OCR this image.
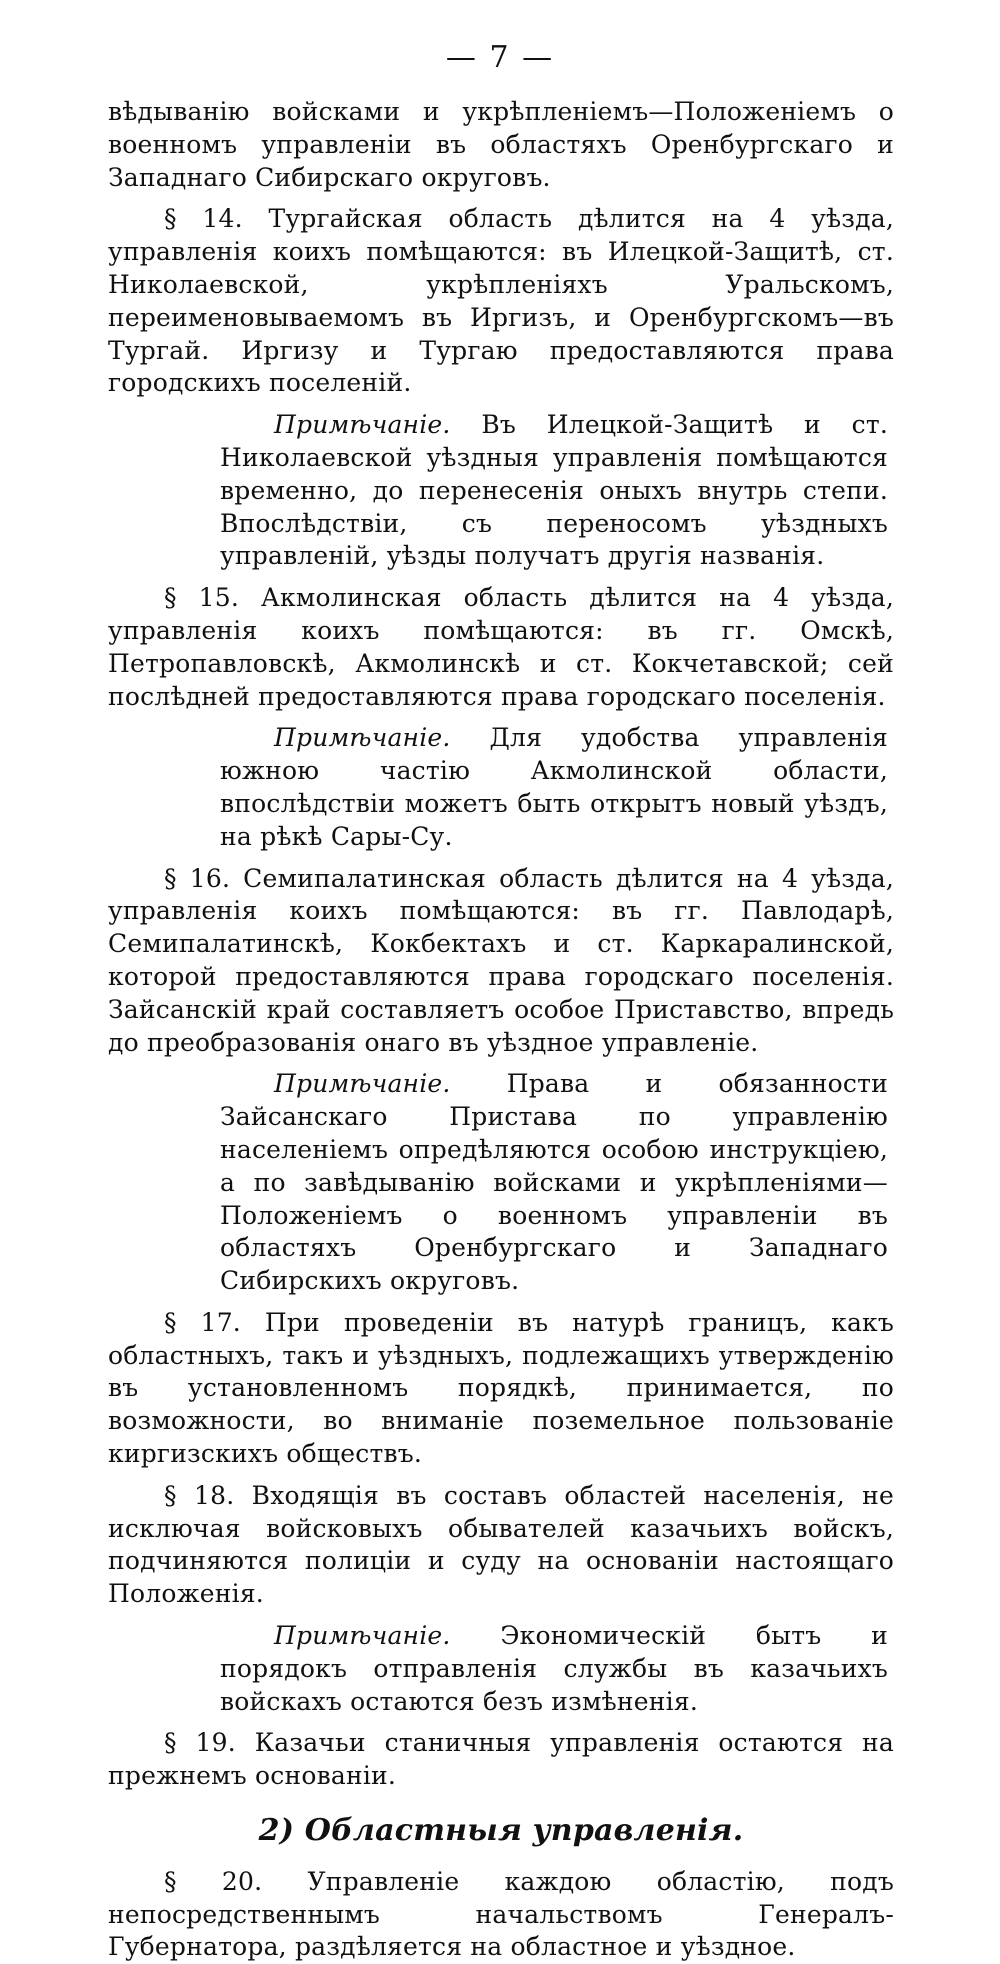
— 7 —

вѣдыванію войсками и укрѣпленіемъ—Положеніемъ о военномъ управленіи въ областяхъ Оренбургскаго и Западнаго Сибирскаго округовъ.

§ 14. Тургайская область дѣлится на 4 уѣзда, управленія коихъ помѣщаются: въ Илецкой-Защитѣ, ст. Николаевской, укрѣпленіяхъ Уральскомъ, переименовываемомъ въ Иргизъ, и Оренбургскомъ—въ Тургай. Иргизу и Тургаю предоставляются права городскихъ поселеній.

Примѣчаніе. Въ Илецкой-Защитѣ и ст. Николаевской уѣздныя управленія помѣщаются временно, до перенесенія оныхъ внутрь степи. Впослѣдствіи, съ переносомъ уѣздныхъ управленій, уѣзды получатъ другія названія.

§ 15. Акмолинская область дѣлится на 4 уѣзда, управленія коихъ помѣщаются: въ гг. Омскѣ, Петропавловскѣ, Акмолинскѣ и ст. Кокчетавской; сей послѣдней предоставляются права городскаго поселенія.

Примѣчаніе. Для удобства управленія южною частію Акмолинской области, впослѣдствіи можетъ быть открытъ новый уѣздъ, на рѣкѣ Сары-Су.

§ 16. Семипалатинская область дѣлится на 4 уѣзда, управленія коихъ помѣщаются: въ гг. Павлодарѣ, Семипалатинскѣ, Кокбектахъ и ст. Каркаралинской, которой предоставляются права городскаго поселенія. Зайсанскій край составляетъ особое Приставство, впредь до преобразованія онаго въ уѣздное управленіе.

Примѣчаніе. Права и обязанности Зайсанскаго Пристава по управленію населеніемъ опредѣляются особою инструкціею, а по завѣдыванію войсками и укрѣпленіями—Положеніемъ о военномъ управленіи въ областяхъ Оренбургскаго и Западнаго Сибирскихъ округовъ.

§ 17. При проведеніи въ натурѣ границъ, какъ областныхъ, такъ и уѣздныхъ, подлежащихъ утвержденію въ установленномъ порядкѣ, принимается, по возможности, во вниманіе поземельное пользованіе киргизскихъ обществъ.

§ 18. Входящія въ составъ областей населенія, не исключая войсковыхъ обывателей казачьихъ войскъ, подчиняются полиціи и суду на основаніи настоящаго Положенія.

Примѣчаніе. Экономическій бытъ и порядокъ отправленія службы въ казачьихъ войскахъ остаются безъ измѣненія.

§ 19. Казачьи станичныя управленія остаются на прежнемъ основаніи.

2) Областныя управленія.

§ 20. Управленіе каждою областію, подъ непосредственнымъ начальствомъ Генералъ-Губернатора, раздѣляется на областное и уѣздное.
